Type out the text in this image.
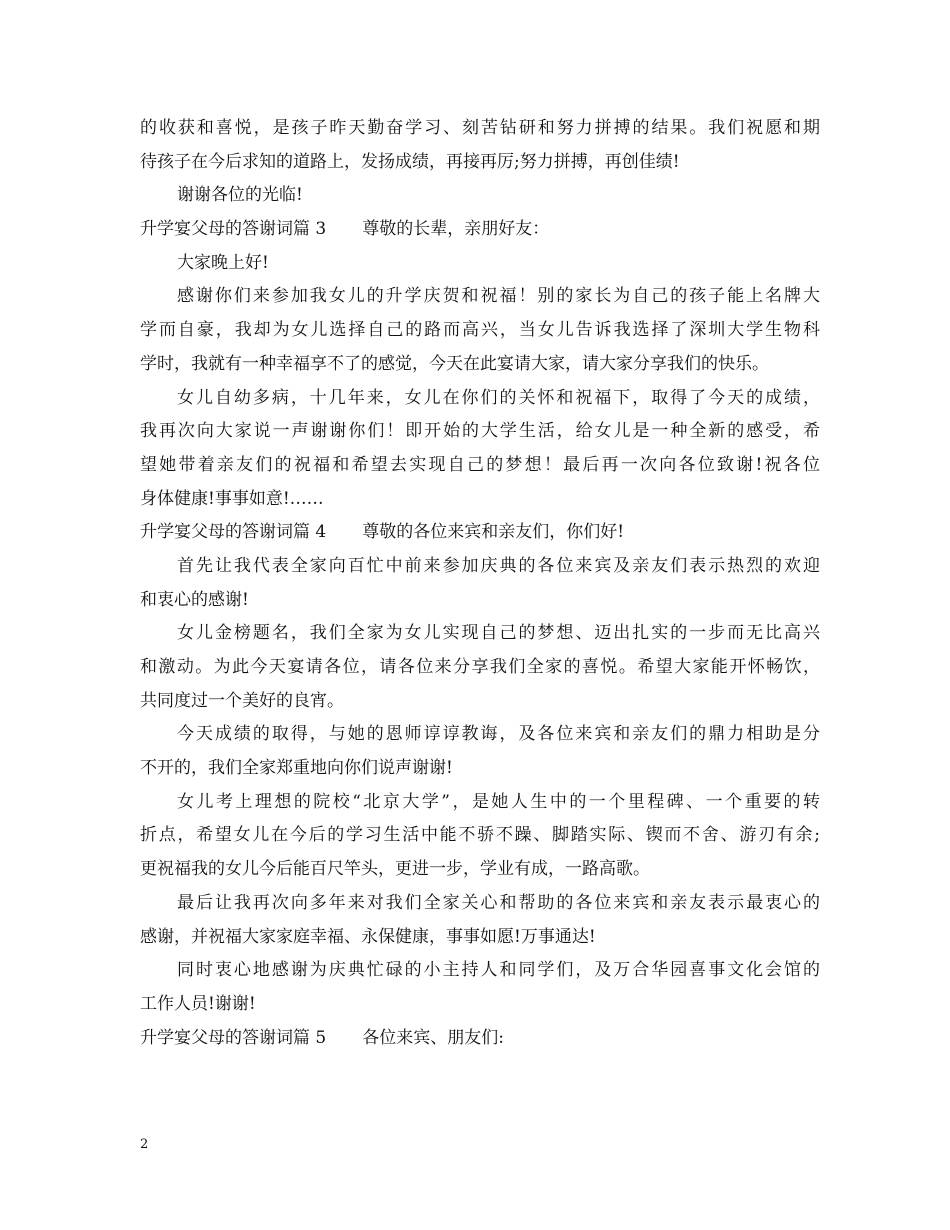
的收获和喜悦，是孩子昨天勤奋学习、刻苦钻研和努力拼搏的结果。我们祝愿和期
待孩子在今后求知的道路上，发扬成绩，再接再厉;努力拼搏，再创佳绩!
谢谢各位的光临!
升学宴父母的答谢词篇 3 尊敬的长辈，亲朋好友：
大家晚上好!
感谢你们来参加我女儿的升学庆贺和祝福！别的家长为自己的孩子能上名牌大
学而自豪，我却为女儿选择自己的路而高兴，当女儿告诉我选择了深圳大学生物科
学时，我就有一种幸福享不了的感觉，今天在此宴请大家，请大家分享我们的快乐。
女儿自幼多病，十几年来，女儿在你们的关怀和祝福下，取得了今天的成绩，
我再次向大家说一声谢谢你们！即开始的大学生活，给女儿是一种全新的感受，希
望她带着亲友们的祝福和希望去实现自己的梦想！最后再一次向各位致谢!祝各位
身体健康!事事如意!……
升学宴父母的答谢词篇 4 尊敬的各位来宾和亲友们，你们好!
首先让我代表全家向百忙中前来参加庆典的各位来宾及亲友们表示热烈的欢迎
和衷心的感谢!
女儿金榜题名，我们全家为女儿实现自己的梦想、迈出扎实的一步而无比高兴
和激动。为此今天宴请各位，请各位来分享我们全家的喜悦。希望大家能开怀畅饮，
共同度过一个美好的良宵。
今天成绩的取得，与她的恩师谆谆教诲，及各位来宾和亲友们的鼎力相助是分
不开的，我们全家郑重地向你们说声谢谢!
女儿考上理想的院校“北京大学”，是她人生中的一个里程碑、一个重要的转
折点，希望女儿在今后的学习生活中能不骄不躁、脚踏实际、锲而不舍、游刃有余;
更祝福我的女儿今后能百尺竿头，更进一步，学业有成，一路高歌。
最后让我再次向多年来对我们全家关心和帮助的各位来宾和亲友表示最衷心的
感谢，并祝福大家家庭幸福、永保健康，事事如愿!万事通达!
同时衷心地感谢为庆典忙碌的小主持人和同学们，及万合华园喜事文化会馆的
工作人员!谢谢!
升学宴父母的答谢词篇 5 各位来宾、朋友们:
2
